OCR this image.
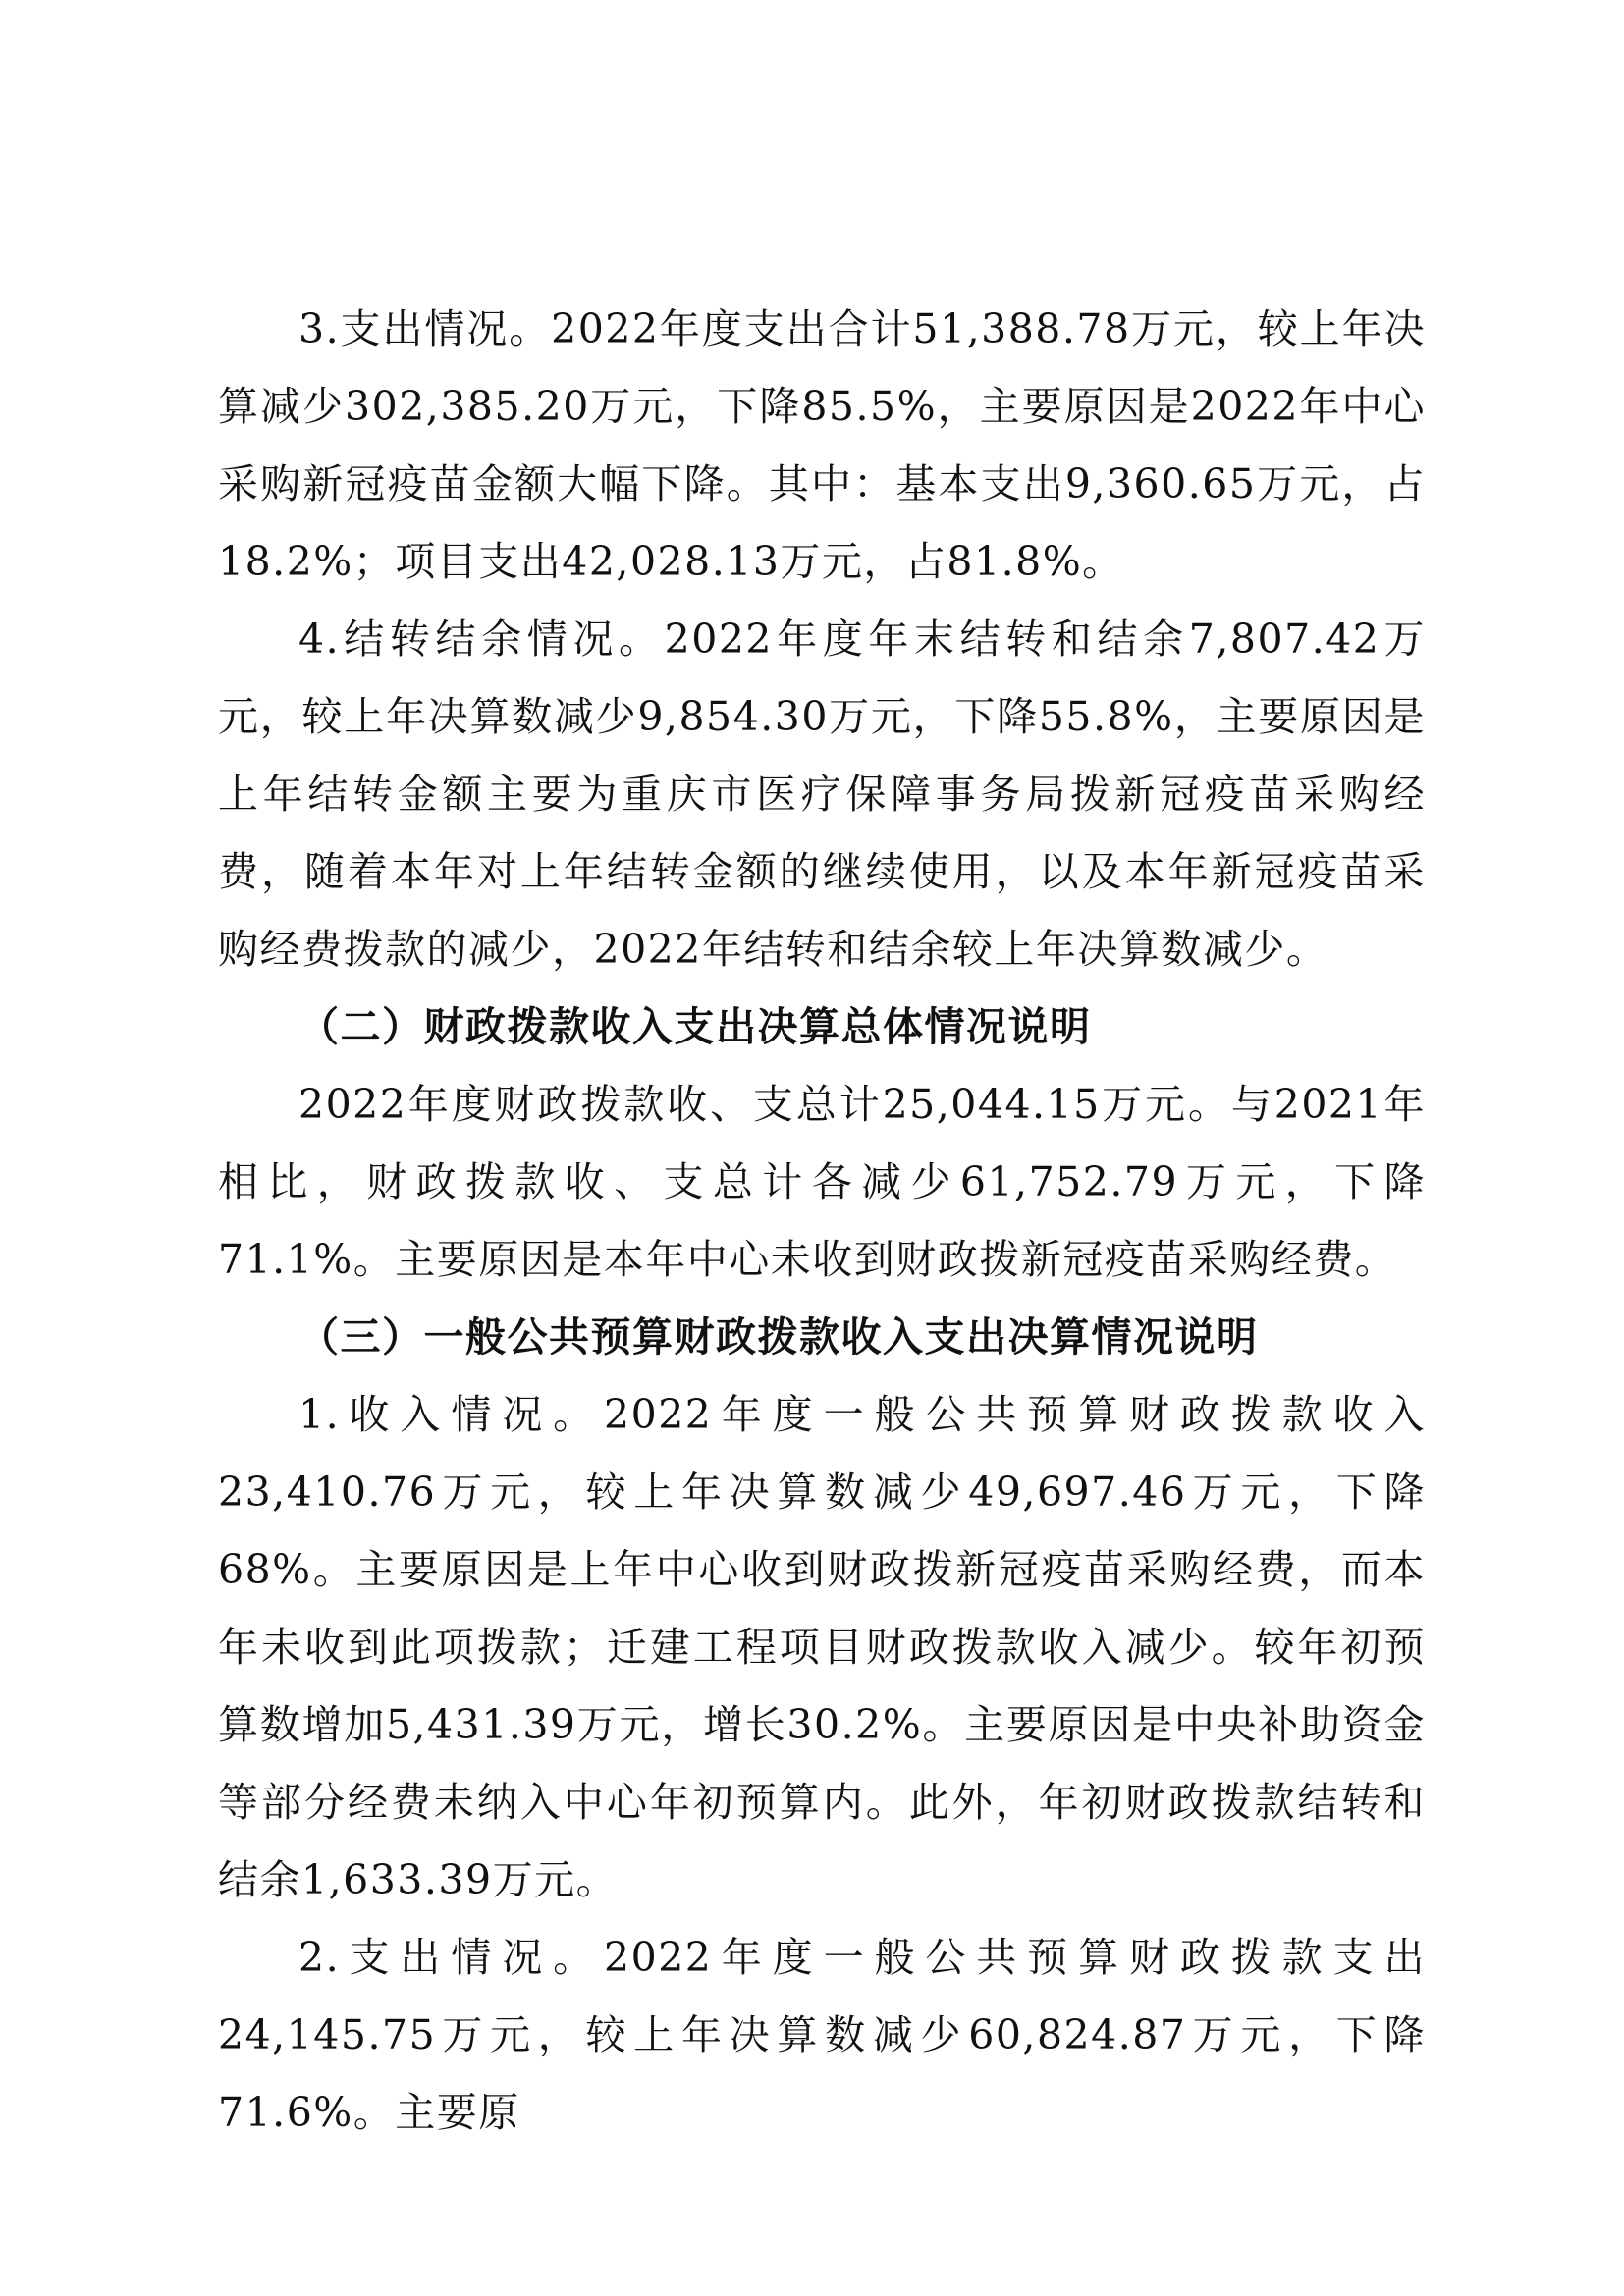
3.支出情况。2022年度支出合计51,388.78万元，较上年决算减少302,385.20万元，下降85.5%，主要原因是2022年中心采购新冠疫苗金额大幅下降。其中：基本支出9,360.65万元，占18.2%；项目支出42,028.13万元，占81.8%。

4.结转结余情况。2022年度年末结转和结余7,807.42万元，较上年决算数减少9,854.30万元，下降55.8%，主要原因是上年结转金额主要为重庆市医疗保障事务局拨新冠疫苗采购经费，随着本年对上年结转金额的继续使用，以及本年新冠疫苗采购经费拨款的减少，2022年结转和结余较上年决算数减少。

（二）财政拨款收入支出决算总体情况说明

2022年度财政拨款收、支总计25,044.15万元。与2021年相比，财政拨款收、支总计各减少61,752.79万元，下降71.1%。主要原因是本年中心未收到财政拨新冠疫苗采购经费。

（三）一般公共预算财政拨款收入支出决算情况说明

1.收入情况。2022年度一般公共预算财政拨款收入23,410.76万元，较上年决算数减少49,697.46万元，下降68%。主要原因是上年中心收到财政拨新冠疫苗采购经费，而本年未收到此项拨款；迁建工程项目财政拨款收入减少。较年初预算数增加5,431.39万元，增长30.2%。主要原因是中央补助资金等部分经费未纳入中心年初预算内。此外，年初财政拨款结转和结余1,633.39万元。

2.支出情况。2022年度一般公共预算财政拨款支出24,145.75万元，较上年决算数减少60,824.87万元，下降71.6%。主要原
